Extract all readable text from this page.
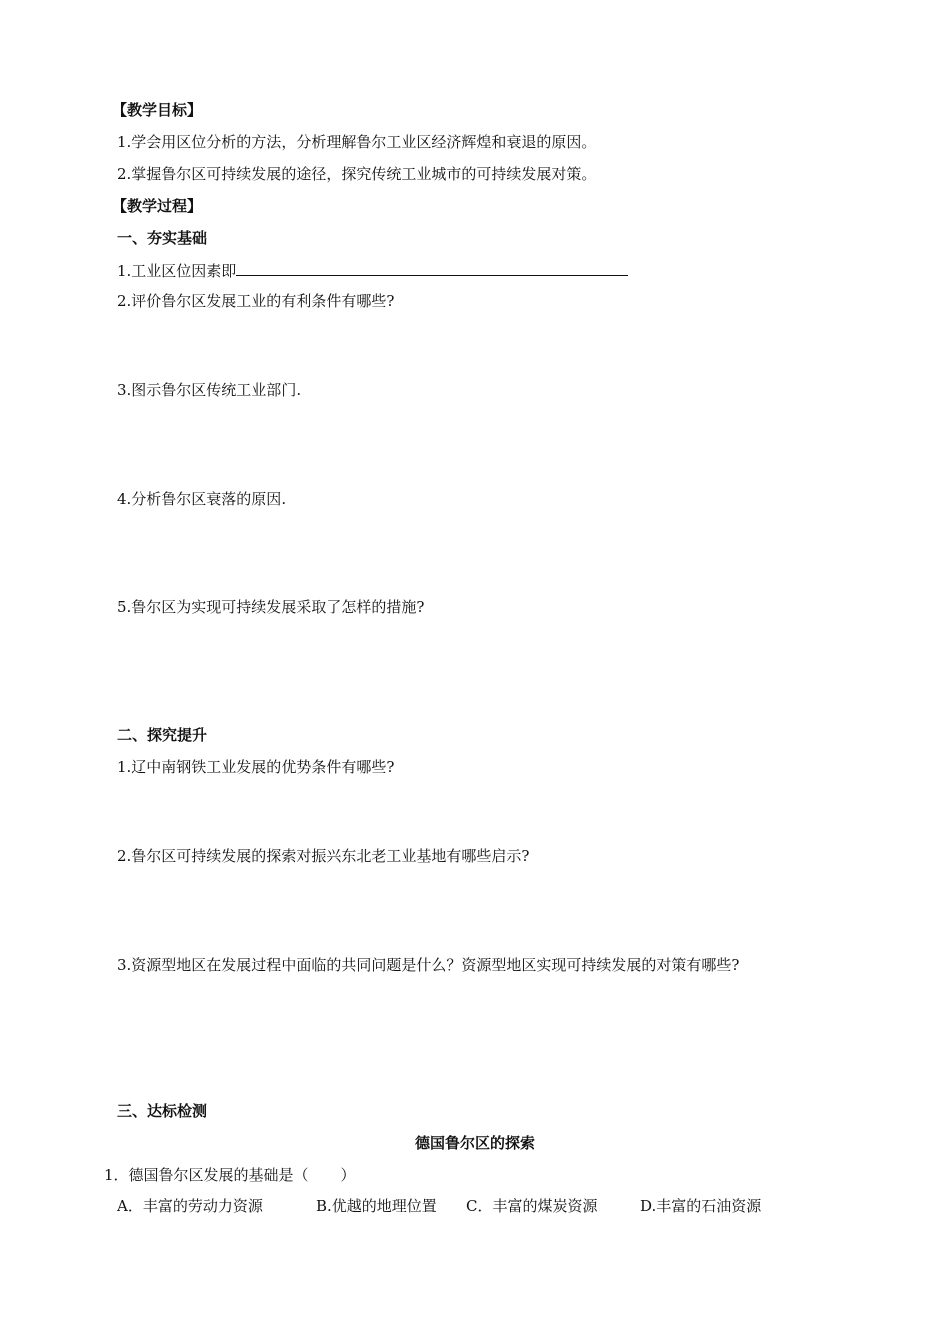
【教学目标】
1.学会用区位分析的方法，分析理解鲁尔工业区经济辉煌和衰退的原因。
2.掌握鲁尔区可持续发展的途径，探究传统工业城市的可持续发展对策。
【教学过程】
一、夯实基础
1.工业区位因素即
2.评价鲁尔区发展工业的有利条件有哪些?
3.图示鲁尔区传统工业部门.
4.分析鲁尔区衰落的原因.
5.鲁尔区为实现可持续发展采取了怎样的措施?
二、探究提升
1.辽中南钢铁工业发展的优势条件有哪些?
2.鲁尔区可持续发展的探索对振兴东北老工业基地有哪些启示?
3.资源型地区在发展过程中面临的共同问题是什么？资源型地区实现可持续发展的对策有哪些?
三、达标检测
德国鲁尔区的探索
1．德国鲁尔区发展的基础是（ ）
A．丰富的劳动力资源	B.优越的地理位置 C．丰富的煤炭资源	D.丰富的石油资源
